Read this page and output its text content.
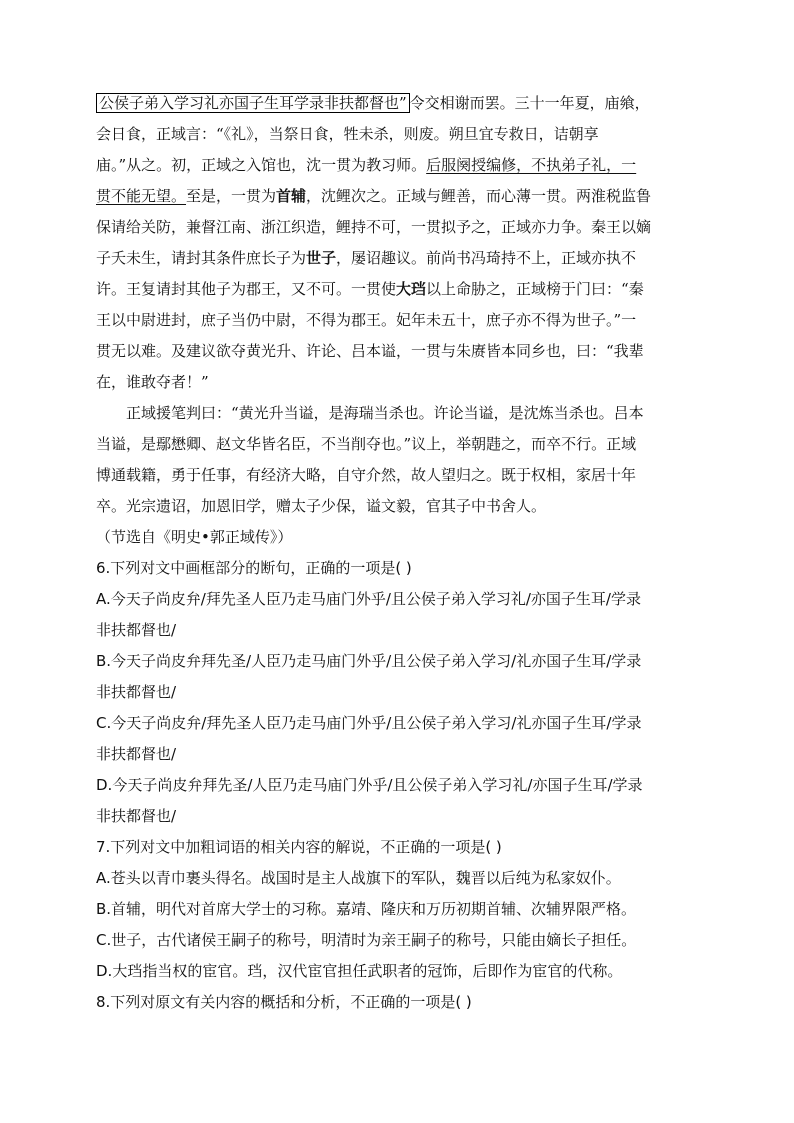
公侯子弟入学习礼亦国子生耳学录非扶都督也” 令交相谢而罢。三十一年夏，庙飨，

会日食，正域言：“《礼》，当祭日食，牲未杀，则废。朔旦宜专救日，诘朝享

庙。”从之。初，正域之入馆也，沈一贯为教习师。后服阕授编修，不执弟子礼，一

贯不能无望。至是，一贯为首辅，沈鲤次之。正域与鲤善，而心薄一贯。两淮税监鲁

保请给关防，兼督江南、浙江织造，鲤持不可，一贯拟予之，正域亦力争。秦王以嫡

子夭未生，请封其条件庶长子为世子，屡诏趣议。前尚书冯琦持不上，正域亦执不

许。王复请封其他子为郡王，又不可。一贯使大珰以上命胁之，正域榜于门曰：“秦

王以中尉进封，庶子当仍中尉，不得为郡王。妃年未五十，庶子亦不得为世子。”一

贯无以难。及建议欲夺黄光升、许论、吕本谥，一贯与朱赓皆本同乡也，曰：“我辈

在，谁敢夺者！”

正域援笔判曰：“黄光升当谥，是海瑞当杀也。许论当谥，是沈炼当杀也。吕本

当谥，是鄢懋卿、赵文华皆名臣，不当削夺也。”议上，举朝韪之，而卒不行。正域

博通载籍，勇于任事，有经济大略，自守介然，故人望归之。既于权相，家居十年

卒。光宗遗诏，加恩旧学，赠太子少保，谥文毅，官其子中书舍人。

（节选自《明史•郭正域传》）

6.下列对文中画框部分的断句，正确的一项是( )

A.今天子尚皮弁/拜先圣人臣乃走马庙门外乎/且公侯子弟入学习礼/亦国子生耳/学录

非扶都督也/

B.今天子尚皮弁拜先圣/人臣乃走马庙门外乎/且公侯子弟入学习/礼亦国子生耳/学录

非扶都督也/

C.今天子尚皮弁/拜先圣人臣乃走马庙门外乎/且公侯子弟入学习/礼亦国子生耳/学录

非扶都督也/

D.今天子尚皮弁拜先圣/人臣乃走马庙门外乎/且公侯子弟入学习礼/亦国子生耳/学录

非扶都督也/

7.下列对文中加粗词语的相关内容的解说，不正确的一项是( )

A.苍头以青巾裹头得名。战国时是主人战旗下的军队，魏晋以后纯为私家奴仆。

B.首辅，明代对首席大学士的习称。嘉靖、隆庆和万历初期首辅、次辅界限严格。

C.世子，古代诸侯王嗣子的称号，明清时为亲王嗣子的称号，只能由嫡长子担任。

D.大珰指当权的宦官。珰，汉代宦官担任武职者的冠饰，后即作为宦官的代称。

8.下列对原文有关内容的概括和分析，不正确的一项是( )
